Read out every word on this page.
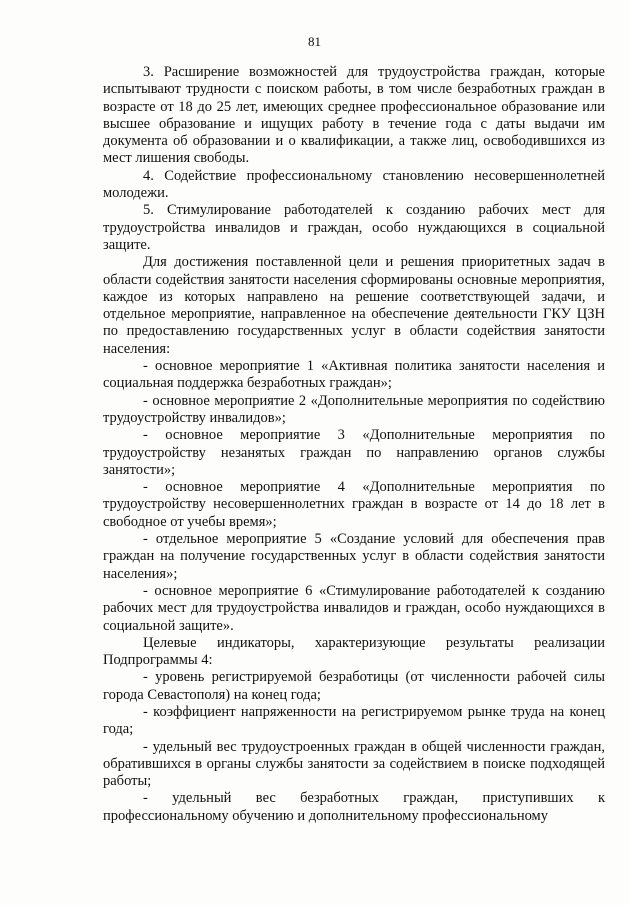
81

3. Расширение возможностей для трудоустройства граждан, которые испытывают трудности с поиском работы, в том числе безработных граждан в возрасте от 18 до 25 лет, имеющих среднее профессиональное образование или высшее образование и ищущих работу в течение года с даты выдачи им документа об образовании и о квалификации, а также лиц, освободившихся из мест лишения свободы.

4. Содействие профессиональному становлению несовершеннолетней молодежи.

5. Стимулирование работодателей к созданию рабочих мест для трудоустройства инвалидов и граждан, особо нуждающихся в социальной защите.

Для достижения поставленной цели и решения приоритетных задач в области содействия занятости населения сформированы основные мероприятия, каждое из которых направлено на решение соответствующей задачи, и отдельное мероприятие, направленное на обеспечение деятельности ГКУ ЦЗН по предоставлению государственных услуг в области содействия занятости населения:

- основное мероприятие 1 «Активная политика занятости населения и социальная поддержка безработных граждан»;

- основное мероприятие 2 «Дополнительные мероприятия по содействию трудоустройству инвалидов»;

- основное мероприятие 3 «Дополнительные мероприятия по трудоустройству незанятых граждан по направлению органов службы занятости»;

- основное мероприятие 4 «Дополнительные мероприятия по трудоустройству несовершеннолетних граждан в возрасте от 14 до 18 лет в свободное от учебы время»;

- отдельное мероприятие 5 «Создание условий для обеспечения прав граждан на получение государственных услуг в области содействия занятости населения»;

- основное мероприятие 6 «Стимулирование работодателей к созданию рабочих мест для трудоустройства инвалидов и граждан, особо нуждающихся в социальной защите».

Целевые индикаторы, характеризующие результаты реализации Подпрограммы 4:

- уровень регистрируемой безработицы (от численности рабочей силы города Севастополя) на конец года;

- коэффициент напряженности на регистрируемом рынке труда на конец года;

- удельный вес трудоустроенных граждан в общей численности граждан, обратившихся в органы службы занятости за содействием в поиске подходящей работы;

- удельный вес безработных граждан, приступивших к профессиональному обучению и дополнительному профессиональному
